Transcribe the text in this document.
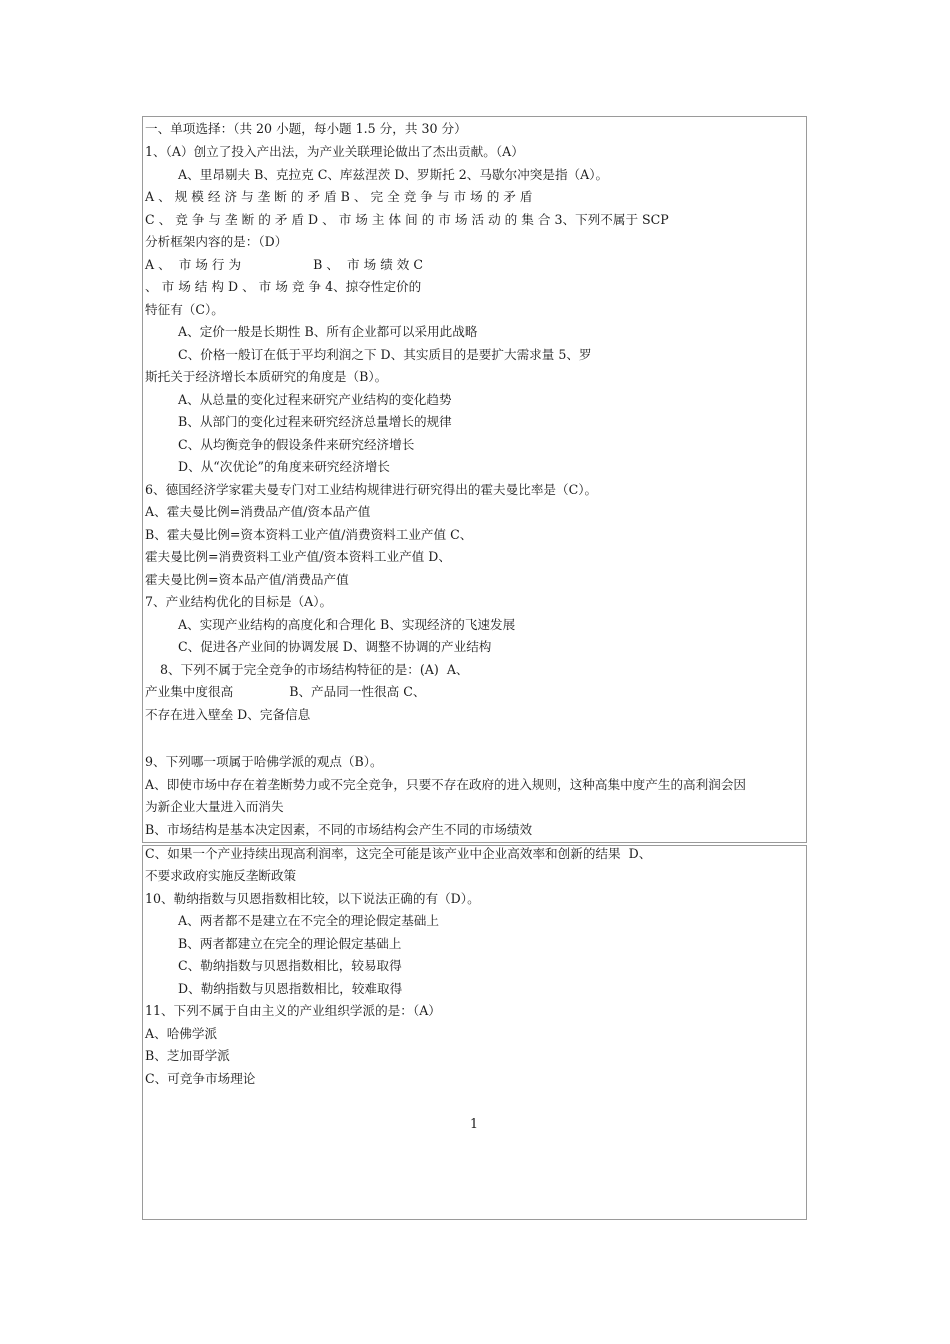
一、单项选择：（共 20 小题，每小题 1.5 分，共 30 分）
1、（A）创立了投入产出法，为产业关联理论做出了杰出贡献。（A）
A、里昂剔夫 B、克拉克 C、库兹涅茨 D、罗斯托 2、马歇尔冲突是指（A）。
A 、 规 模 经 济 与 垄 断 的 矛 盾 B 、 完 全 竞 争 与 市 场 的 矛 盾
C 、 竞 争 与 垄 断 的 矛 盾 D 、 市 场 主 体 间 的 市 场 活 动 的 集 合 3、下列不属于 SCP
分析框架内容的是：（D）
A 、  市 场 行 为                  B 、  市 场 绩 效 C
、 市 场 结 构 D 、 市 场 竞 争 4、掠夺性定价的
特征有（C）。
A、定价一般是长期性 B、所有企业都可以采用此战略
C、价格一般订在低于平均利润之下 D、其实质目的是要扩大需求量 5、罗
斯托关于经济增长本质研究的角度是（B）。
A、从总量的变化过程来研究产业结构的变化趋势
B、从部门的变化过程来研究经济总量增长的规律
C、从均衡竞争的假设条件来研究经济增长
D、从“次优论”的角度来研究经济增长
6、德国经济学家霍夫曼专门对工业结构规律进行研究得出的霍夫曼比率是（C）。
A、霍夫曼比例=消费品产值/资本品产值
B、霍夫曼比例=资本资料工业产值/消费资料工业产值 C、
霍夫曼比例=消费资料工业产值/资本资料工业产值 D、
霍夫曼比例=资本品产值/消费品产值
7、产业结构优化的目标是（A）。
A、实现产业结构的高度化和合理化 B、实现经济的飞速发展
C、促进各产业间的协调发展 D、调整不协调的产业结构
8、下列不属于完全竞争的市场结构特征的是：(A)  A、
产业集中度很高              B、产品同一性很高 C、
不存在进入壁垒 D、完备信息
9、下列哪一项属于哈佛学派的观点（B）。
A、即使市场中存在着垄断势力或不完全竞争，只要不存在政府的进入规则，这种高集中度产生的高利润会因
为新企业大量进入而消失
B、市场结构是基本决定因素，不同的市场结构会产生不同的市场绩效
C、如果一个产业持续出现高利润率，这完全可能是该产业中企业高效率和创新的结果  D、
不要求政府实施反垄断政策
10、勒纳指数与贝恩指数相比较，以下说法正确的有（D）。
A、两者都不是建立在不完全的理论假定基础上
B、两者都建立在完全的理论假定基础上
C、勒纳指数与贝恩指数相比，较易取得
D、勒纳指数与贝恩指数相比，较难取得
11、下列不属于自由主义的产业组织学派的是：（A）
A、哈佛学派
B、芝加哥学派
C、可竞争市场理论
1
